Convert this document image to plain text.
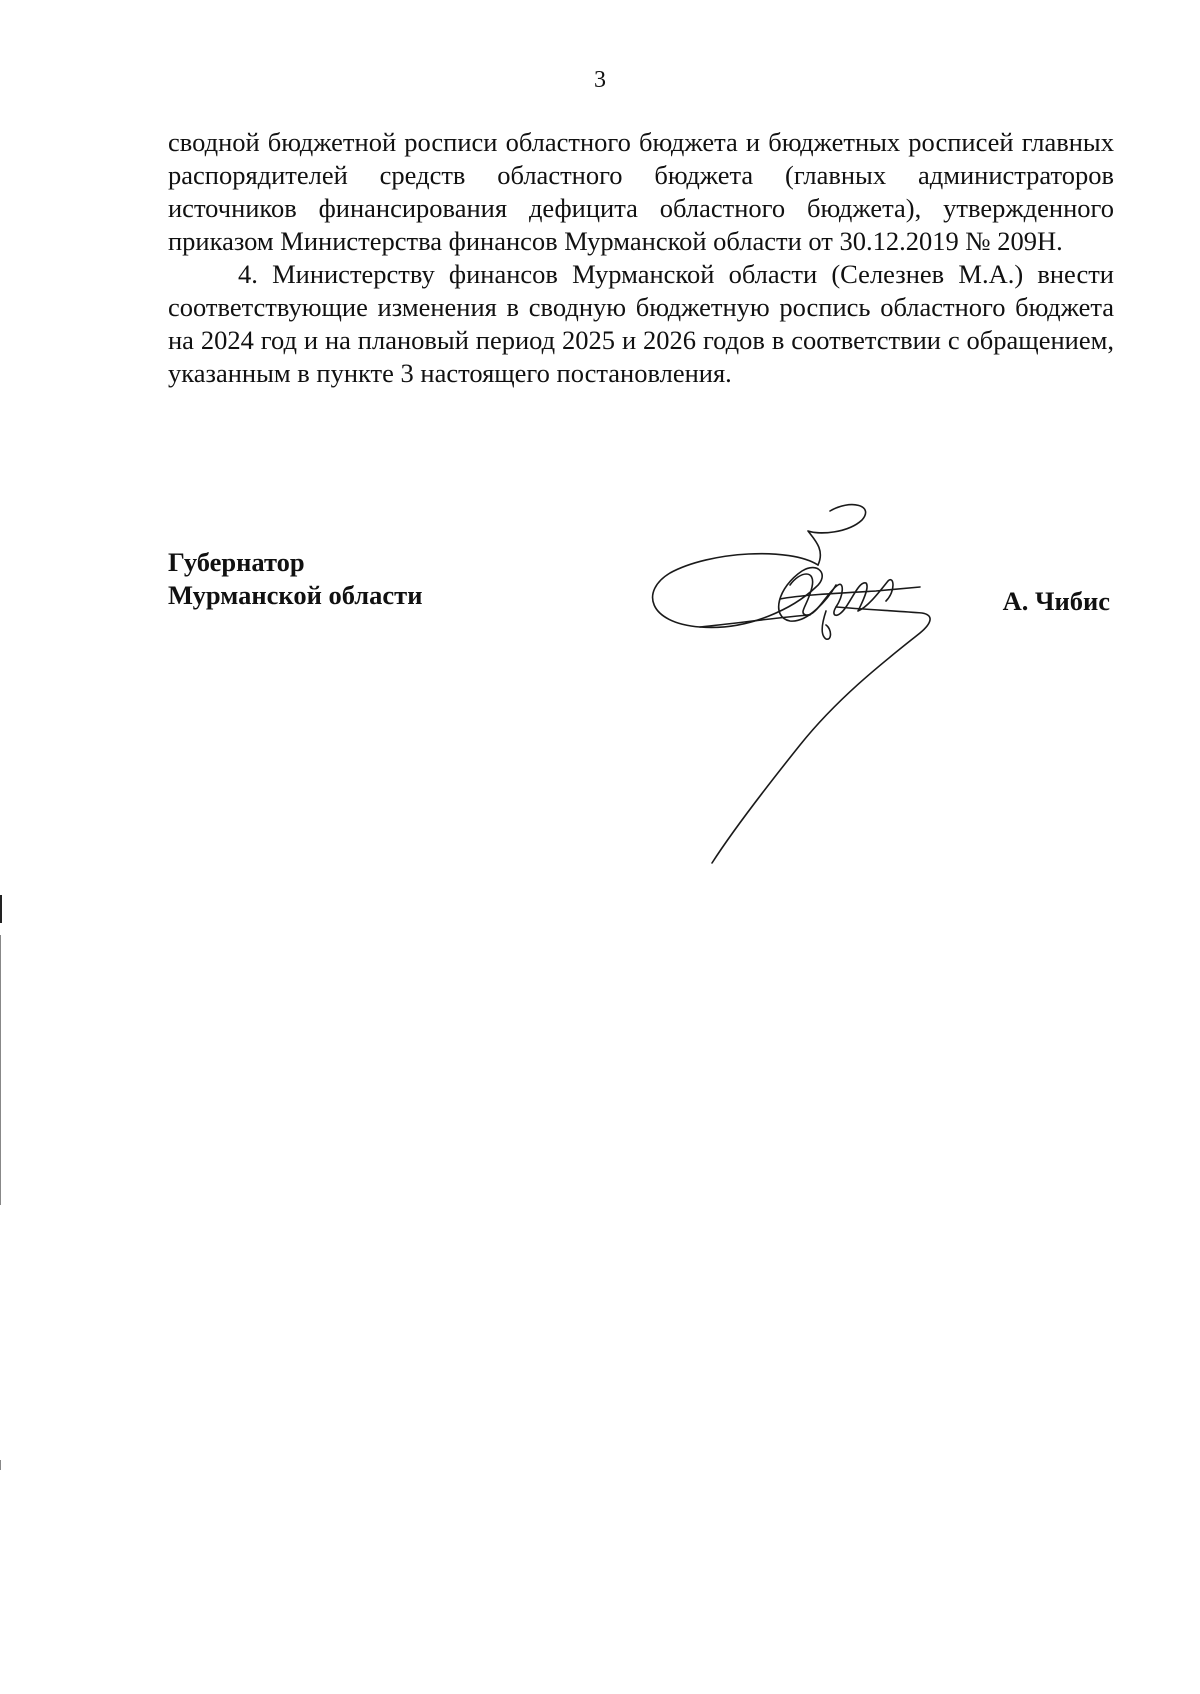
3

сводной бюджетной росписи областного бюджета и бюджетных росписей главных распорядителей средств областного бюджета (главных администраторов источников финансирования дефицита областного бюджета), утвержденного приказом Министерства финансов Мурманской области от 30.12.2019 № 209Н.

4. Министерству финансов Мурманской области (Селезнев М.А.) внести соответствующие изменения в сводную бюджетную роспись областного бюджета на 2024 год и на плановый период 2025 и 2026 годов в соответствии с обращением, указанным в пункте 3 настоящего постановления.

Губернатор
Мурманской области	А. Чибис
